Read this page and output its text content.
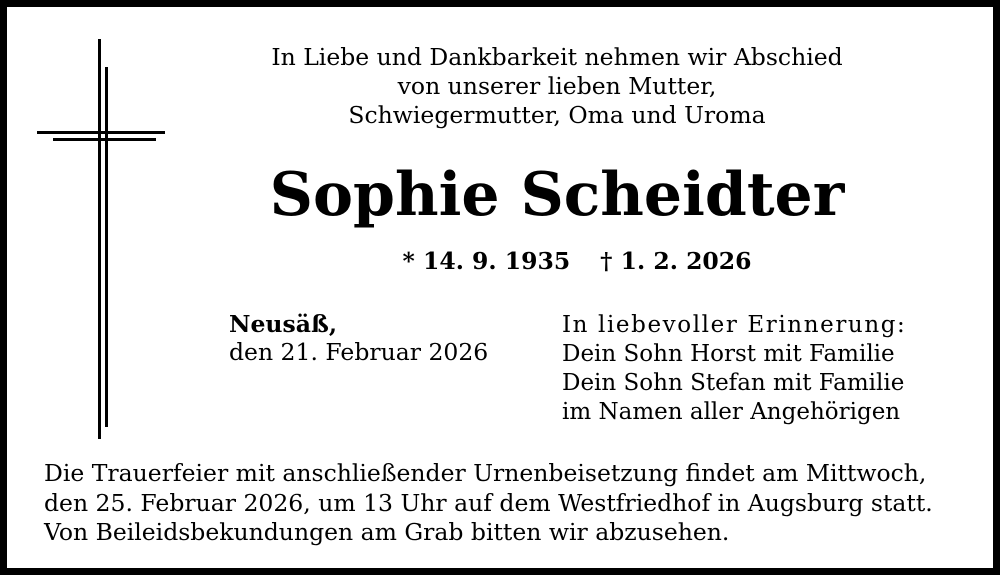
In Liebe und Dankbarkeit nehmen wir Abschied
von unserer lieben Mutter,
Schwiegermutter, Oma und Uroma
Sophie Scheidter
* 14. 9. 1935 † 1. 2. 2026
Neusäß,
den 21. Februar 2026
In liebevoller Erinnerung:
Dein Sohn Horst mit Familie
Dein Sohn Stefan mit Familie
im Namen aller Angehörigen
Die Trauerfeier mit anschließender Urnenbeisetzung findet am Mittwoch,
den 25. Februar 2026, um 13 Uhr auf dem Westfriedhof in Augsburg statt.
Von Beileidsbekundungen am Grab bitten wir abzusehen.
